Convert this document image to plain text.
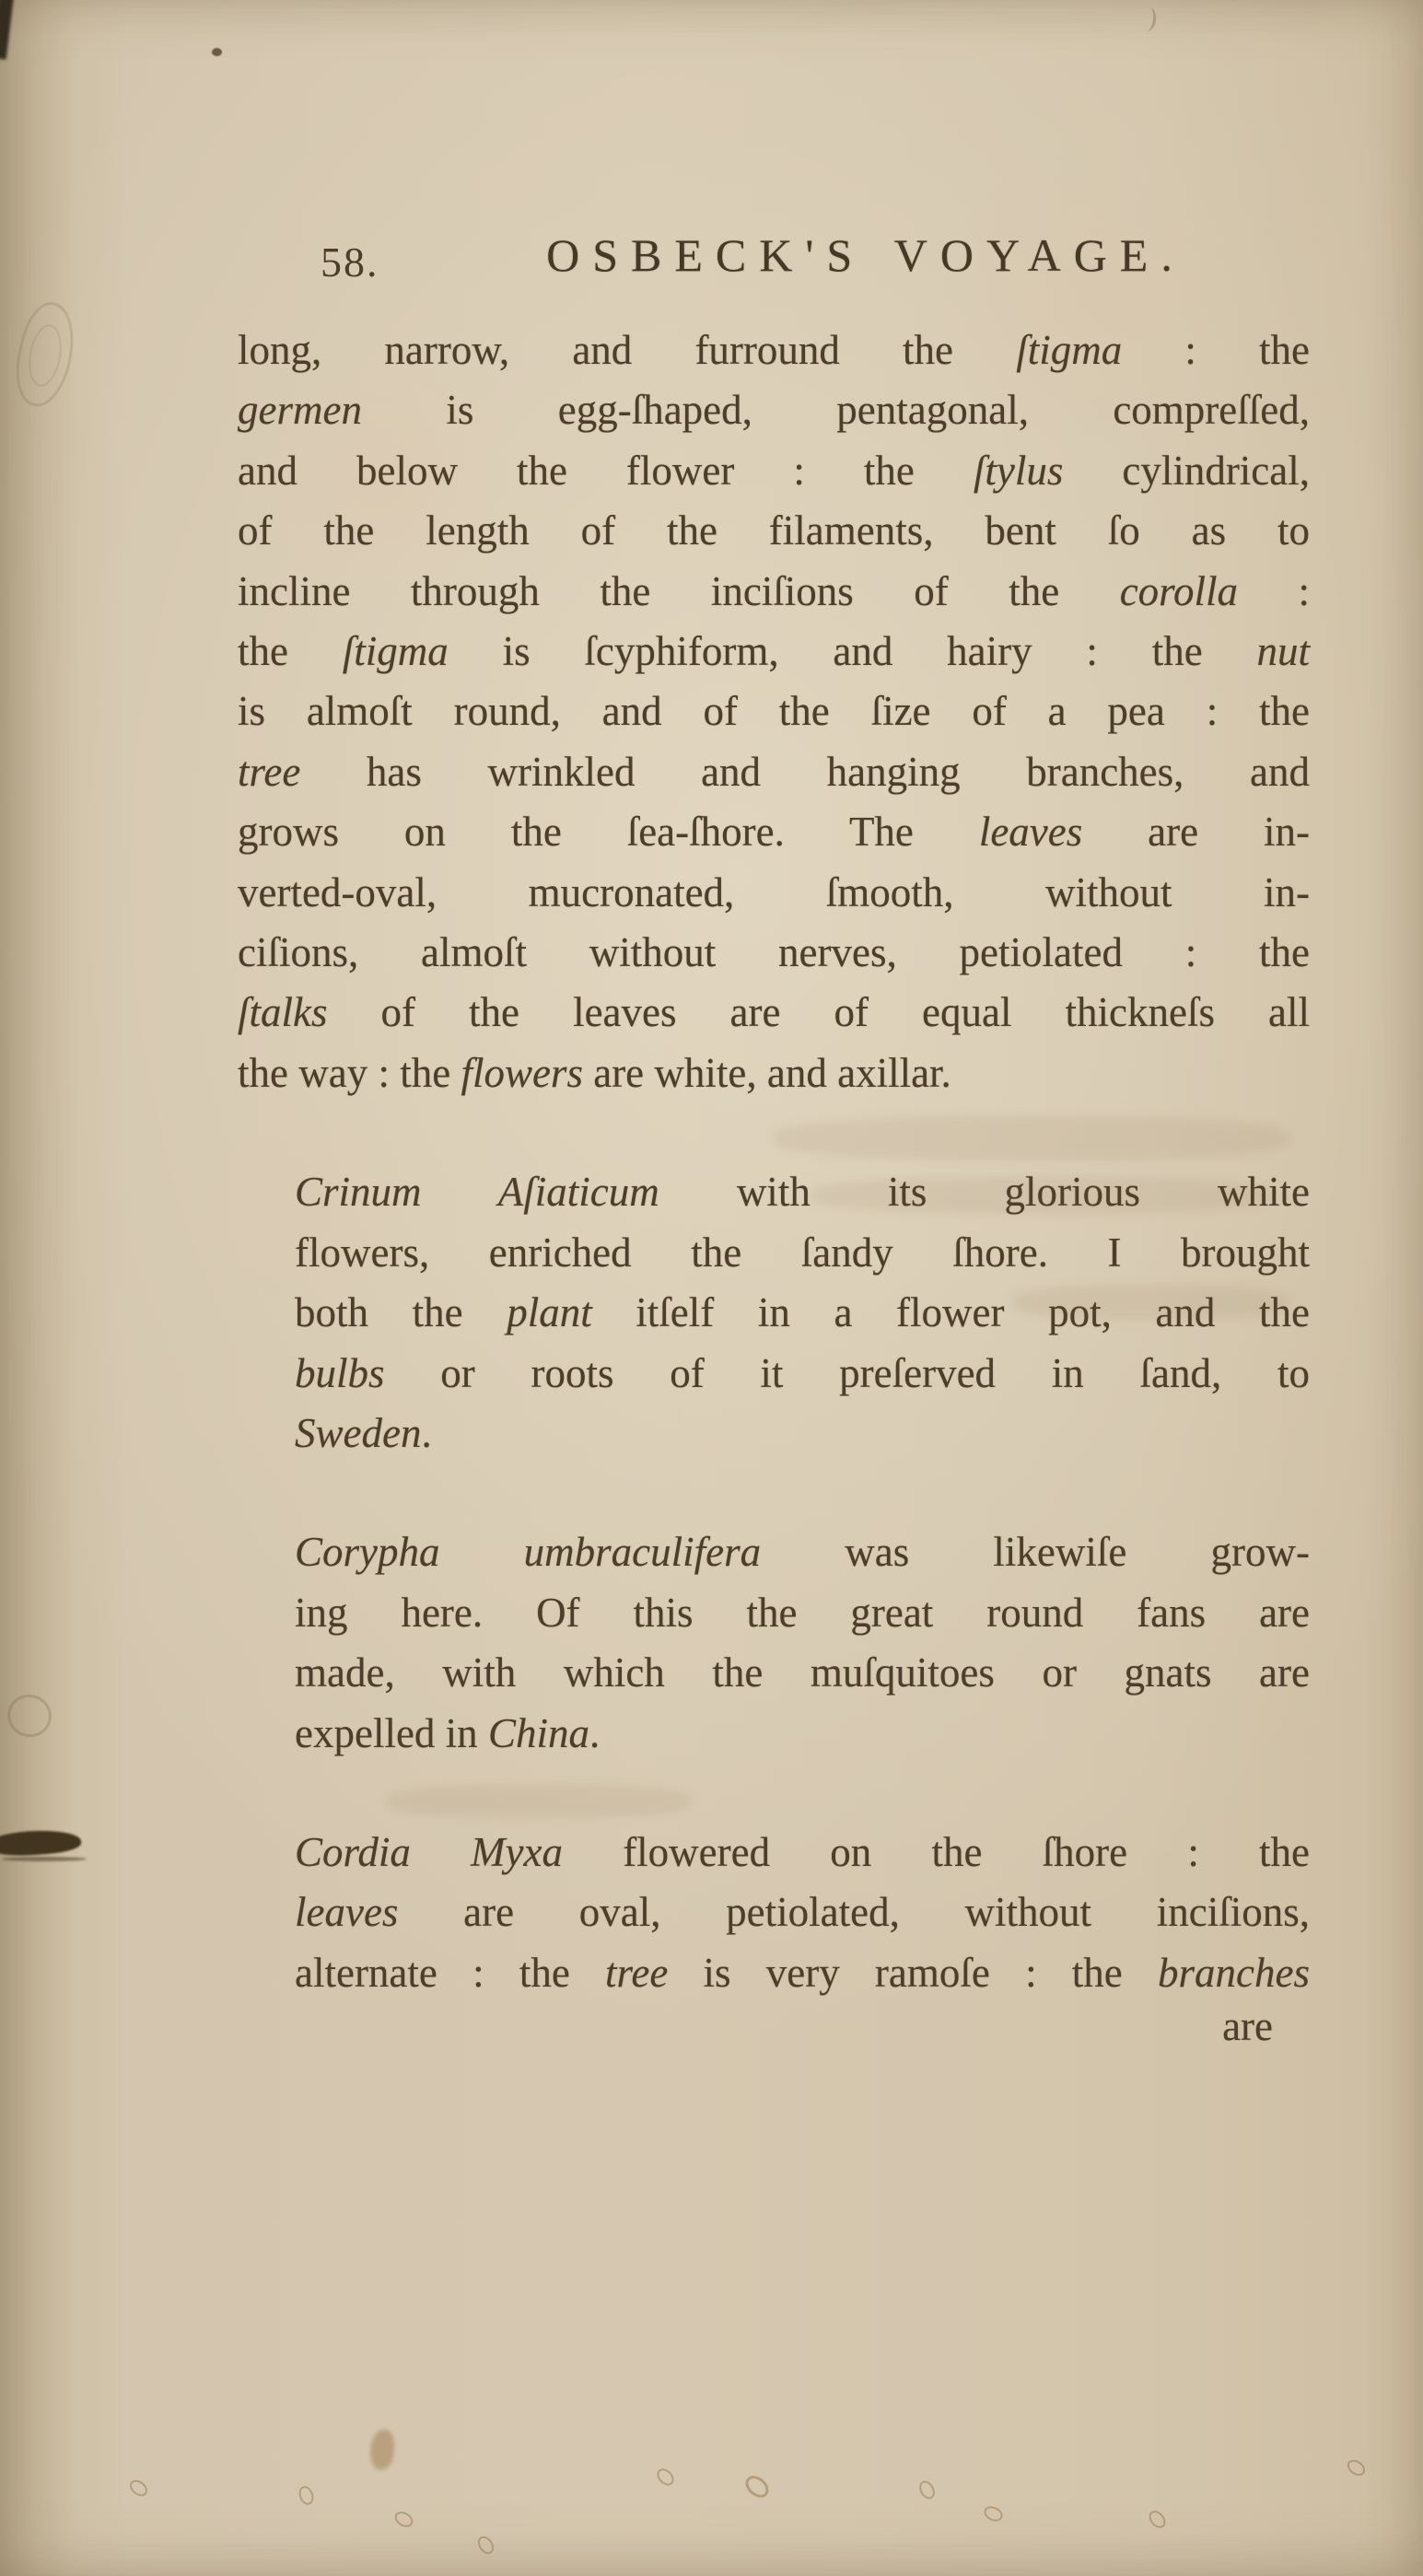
58.	OSBECK'S VOYAGE.
long, narrow, and furround the ſtigma : the
germen is egg-ſhaped, pentagonal, compreſſed,
and below the flower : the ſtylus cylindrical,
of the length of the filaments, bent ſo as to
incline through the inciſions of the corolla :
the ſtigma is ſcyphiform, and hairy : the nut
is almoſt round, and of the ſize of a pea : the
tree has wrinkled and hanging branches, and
grows on the ſea-ſhore. The leaves are in-
verted-oval, mucronated, ſmooth, without in-
ciſions, almoſt without nerves, petiolated : the
ſtalks of the leaves are of equal thickneſs all
the way : the flowers are white, and axillar.
Crinum Aſiaticum with its glorious white
flowers, enriched the ſandy ſhore. I brought
both the plant itſelf in a flower pot, and the
bulbs or roots of it preſerved in ſand, to
Sweden.
Corypha umbraculifera was likewiſe grow-
ing here. Of this the great round fans are
made, with which the muſquitoes or gnats are
expelled in China.
Cordia Myxa flowered on the ſhore : the
leaves are oval, petiolated, without inciſions,
alternate : the tree is very ramoſe : the branches
are
